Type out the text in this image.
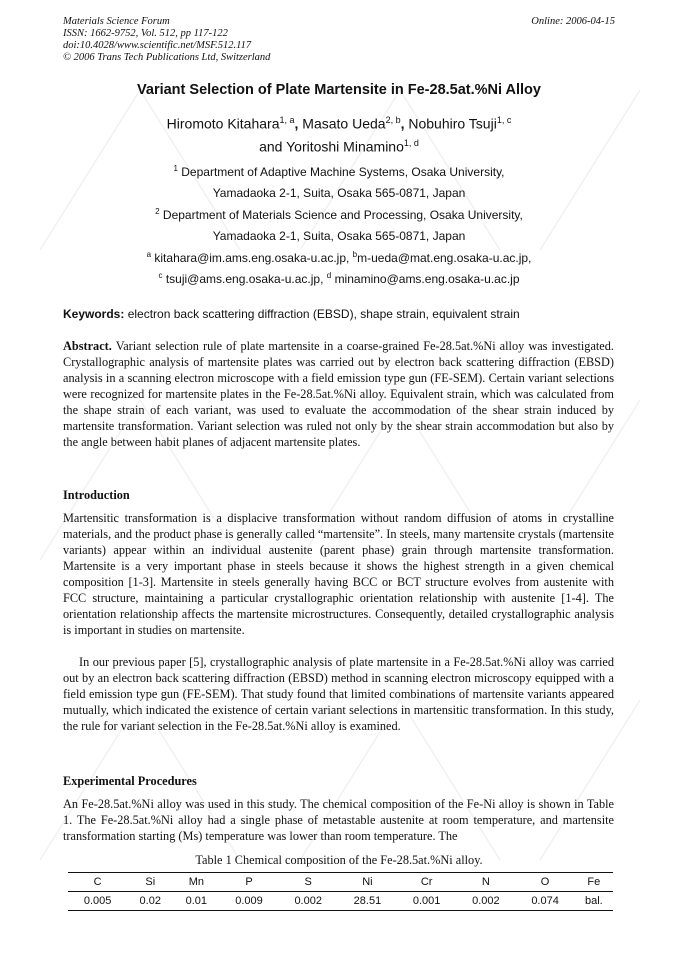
Materials Science Forum
ISSN: 1662-9752, Vol. 512, pp 117-122
doi:10.4028/www.scientific.net/MSF.512.117
© 2006 Trans Tech Publications Ltd, Switzerland
Online: 2006-04-15
Variant Selection of Plate Martensite in Fe-28.5at.%Ni Alloy
Hiromoto Kitahara$^{1, a}$, Masato Ueda$^{2, b}$, Nobuhiro Tsuji$^{1, c}$
and Yoritoshi Minamino$^{1, d}$
$^1$ Department of Adaptive Machine Systems, Osaka University,
Yamadaoka 2-1, Suita, Osaka 565-0871, Japan
$^2$ Department of Materials Science and Processing, Osaka University,
Yamadaoka 2-1, Suita, Osaka 565-0871, Japan
$^a$ kitahara@im.ams.eng.osaka-u.ac.jp, $^b$m-ueda@mat.eng.osaka-u.ac.jp,
$^c$ tsuji@ams.eng.osaka-u.ac.jp, $^d$ minamino@ams.eng.osaka-u.ac.jp
Keywords: electron back scattering diffraction (EBSD), shape strain, equivalent strain

Abstract. Variant selection rule of plate martensite in a coarse-grained Fe-28.5at.%Ni alloy was investigated. Crystallographic analysis of martensite plates was carried out by electron back scattering diffraction (EBSD) analysis in a scanning electron microscope with a field emission type gun (FE-SEM). Certain variant selections were recognized for martensite plates in the Fe-28.5at.%Ni alloy. Equivalent strain, which was calculated from the shape strain of each variant, was used to evaluate the accommodation of the shear strain induced by martensite transformation. Variant selection was ruled not only by the shear strain accommodation but also by the angle between habit planes of adjacent martensite plates.

Introduction

Martensitic transformation is a displacive transformation without random diffusion of atoms in crystalline materials, and the product phase is generally called “martensite”. In steels, many martensite crystals (martensite variants) appear within an individual austenite (parent phase) grain through martensite transformation. Martensite is a very important phase in steels because it shows the highest strength in a given chemical composition [1-3]. Martensite in steels generally having BCC or BCT structure evolves from austenite with FCC structure, maintaining a particular crystallographic orientation relationship with austenite [1-4]. The orientation relationship affects the martensite microstructures. Consequently, detailed crystallographic analysis is important in studies on martensite.

In our previous paper [5], crystallographic analysis of plate martensite in a Fe-28.5at.%Ni alloy was carried out by an electron back scattering diffraction (EBSD) method in scanning electron microscopy equipped with a field emission type gun (FE-SEM). That study found that limited combinations of martensite variants appeared mutually, which indicated the existence of certain variant selections in martensitic transformation. In this study, the rule for variant selection in the Fe-28.5at.%Ni alloy is examined.

Experimental Procedures

An Fe-28.5at.%Ni alloy was used in this study. The chemical composition of the Fe-Ni alloy is shown in Table 1. The Fe-28.5at.%Ni alloy had a single phase of metastable austenite at room temperature, and martensite transformation starting (Ms) temperature was lower than room temperature. The

Table 1 Chemical composition of the Fe-28.5at.%Ni alloy.
C	Si	Mn	P	S	Ni	Cr	N	O	Fe
0.005	0.02	0.01	0.009	0.002	28.51	0.001	0.002	0.074	bal.
